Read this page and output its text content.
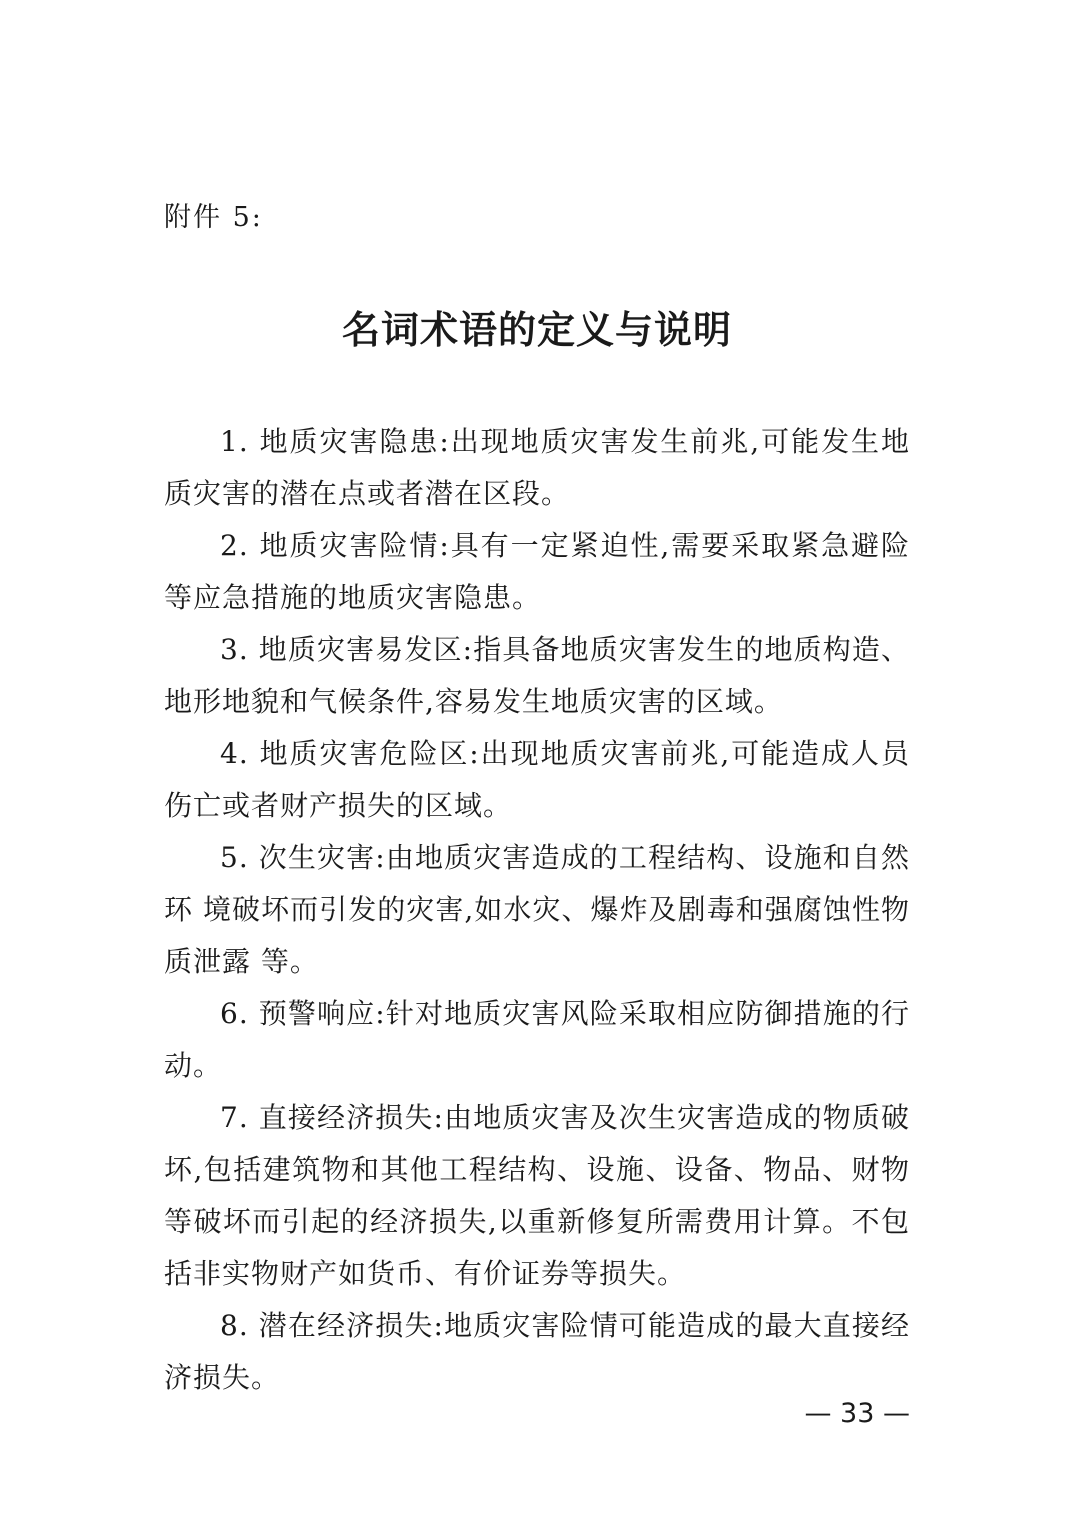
附件 5:
名词术语的定义与说明

1. 地质灾害隐患:出现地质灾害发生前兆,可能发生地质灾害的潜在点或者潜在区段。

2. 地质灾害险情:具有一定紧迫性,需要采取紧急避险等应急措施的地质灾害隐患。

3. 地质灾害易发区:指具备地质灾害发生的地质构造、地形地貌和气候条件,容易发生地质灾害的区域。

4. 地质灾害危险区:出现地质灾害前兆,可能造成人员伤亡或者财产损失的区域。

5. 次生灾害:由地质灾害造成的工程结构、设施和自然环 境破坏而引发的灾害,如水灾、爆炸及剧毒和强腐蚀性物质泄露 等。

6. 预警响应:针对地质灾害风险采取相应防御措施的行动。

7. 直接经济损失:由地质灾害及次生灾害造成的物质破坏,包括建筑物和其他工程结构、设施、设备、物品、财物等破坏而引起的经济损失,以重新修复所需费用计算。不包括非实物财产如货币、有价证券等损失。

8. 潜在经济损失:地质灾害险情可能造成的最大直接经济损失。

— 33 —
